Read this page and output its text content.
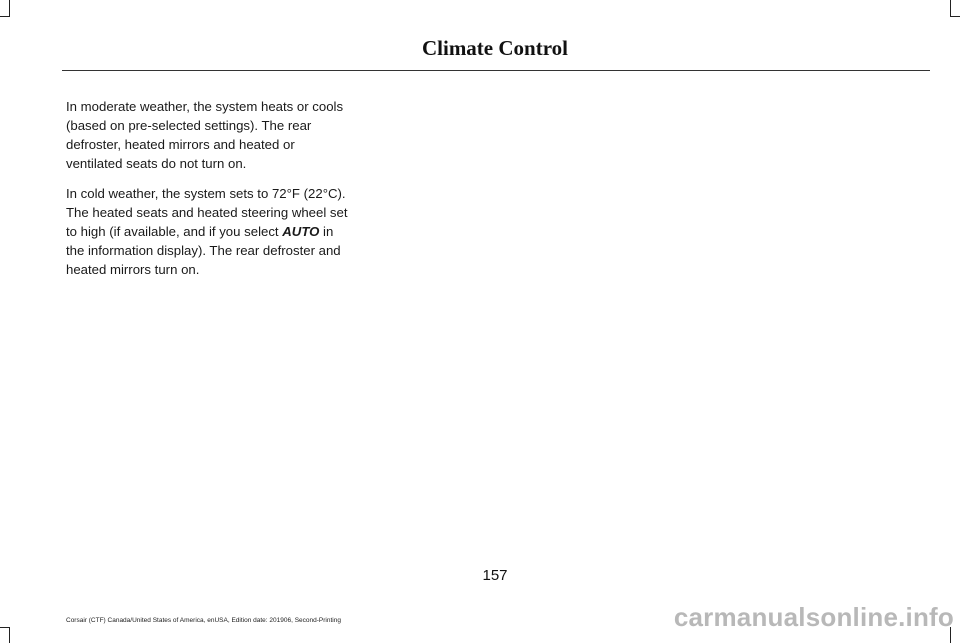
Climate Control

In moderate weather, the system heats or cools (based on pre-selected settings). The rear defroster, heated mirrors and heated or ventilated seats do not turn on.

In cold weather, the system sets to 72°F (22°C). The heated seats and heated steering wheel set to high (if available, and if you select AUTO in the information display). The rear defroster and heated mirrors turn on.

157
Corsair (CTF) Canada/United States of America, enUSA, Edition date: 201906, Second-Printing	carmanualsonline.info
